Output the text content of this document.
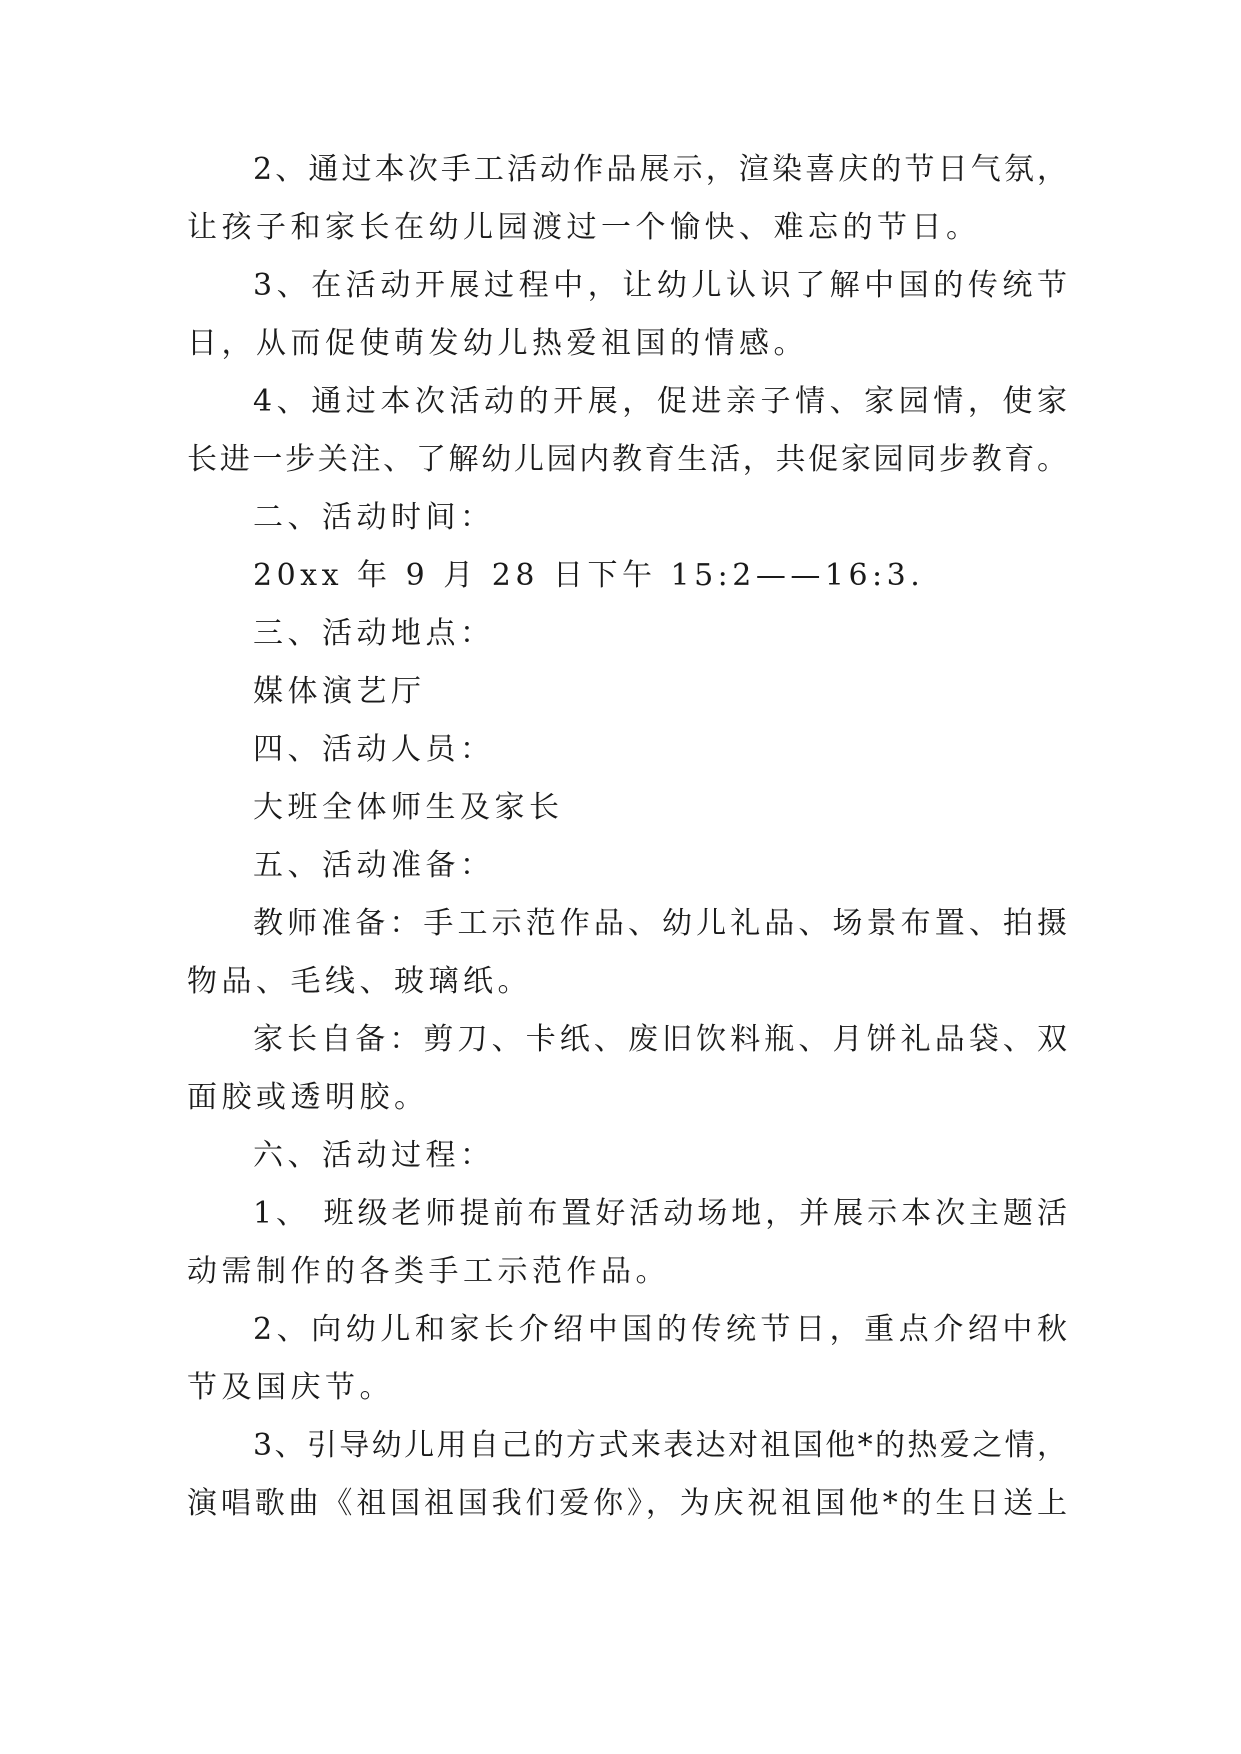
2、通过本次手工活动作品展示，渲染喜庆的节日气氛，
让孩子和家长在幼儿园渡过一个愉快、难忘的节日。
3、在活动开展过程中，让幼儿认识了解中国的传统节
日，从而促使萌发幼儿热爱祖国的情感。
4、通过本次活动的开展，促进亲子情、家园情，使家
长进一步关注、了解幼儿园内教育生活，共促家园同步教育。
二、活动时间：
20xx 年 9 月 28 日下午 15:2——16:3.
三、活动地点：
媒体演艺厅
四、活动人员：
大班全体师生及家长
五、活动准备：
教师准备：手工示范作品、幼儿礼品、场景布置、拍摄
物品、毛线、玻璃纸。
家长自备：剪刀、卡纸、废旧饮料瓶、月饼礼品袋、双
面胶或透明胶。
六、活动过程：
1、 班级老师提前布置好活动场地，并展示本次主题活
动需制作的各类手工示范作品。
2、向幼儿和家长介绍中国的传统节日，重点介绍中秋
节及国庆节。
3、引导幼儿用自己的方式来表达对祖国他*的热爱之情，
演唱歌曲《祖国祖国我们爱你》，为庆祝祖国他*的生日送上
